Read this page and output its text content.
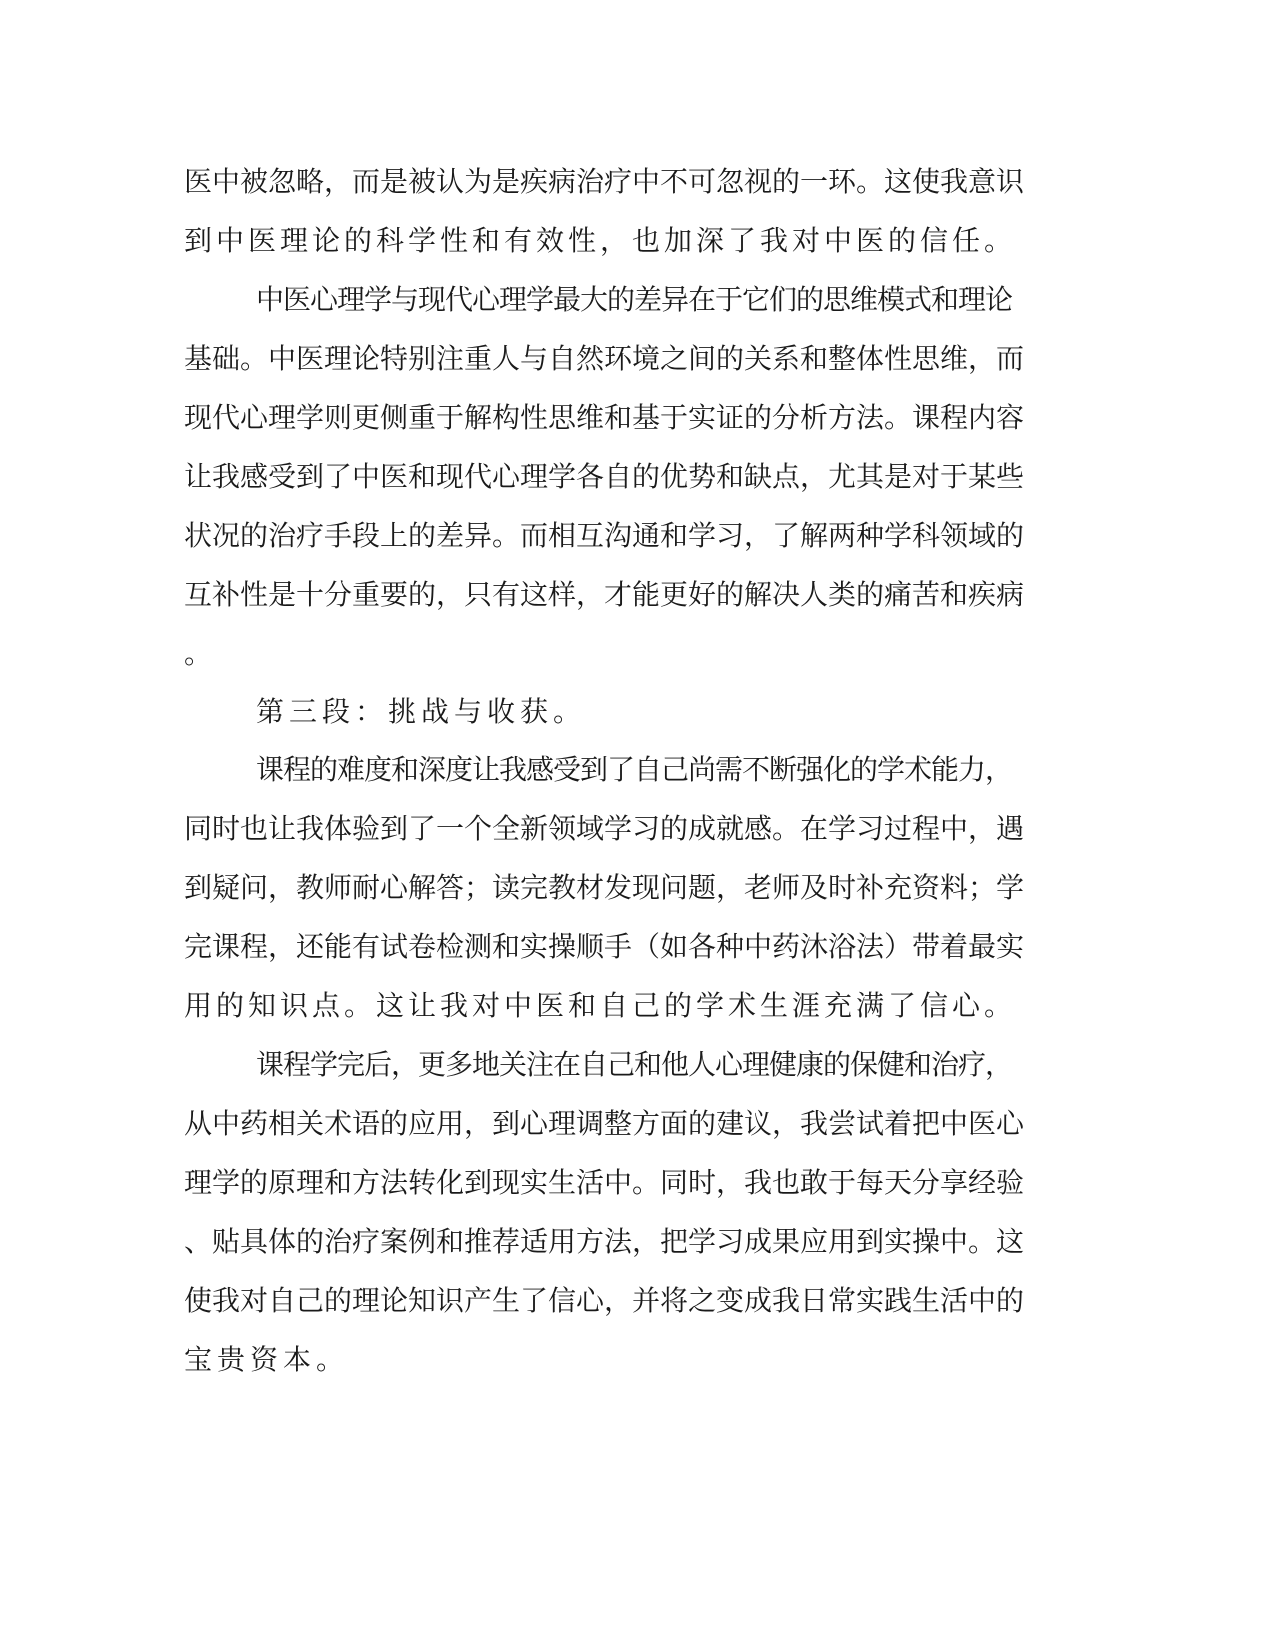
医中被忽略，而是被认为是疾病治疗中不可忽视的一环。这使我意识
到中医理论的科学性和有效性，也加深了我对中医的信任。
中医心理学与现代心理学最大的差异在于它们的思维模式和理论
基础。中医理论特别注重人与自然环境之间的关系和整体性思维，而
现代心理学则更侧重于解构性思维和基于实证的分析方法。课程内容
让我感受到了中医和现代心理学各自的优势和缺点，尤其是对于某些
状况的治疗手段上的差异。而相互沟通和学习，了解两种学科领域的
互补性是十分重要的，只有这样，才能更好的解决人类的痛苦和疾病
。
第三段：挑战与收获。
课程的难度和深度让我感受到了自己尚需不断强化的学术能力，
同时也让我体验到了一个全新领域学习的成就感。在学习过程中，遇
到疑问，教师耐心解答；读完教材发现问题，老师及时补充资料；学
完课程，还能有试卷检测和实操顺手（如各种中药沐浴法）带着最实
用的知识点。这让我对中医和自己的学术生涯充满了信心。
课程学完后，更多地关注在自己和他人心理健康的保健和治疗，
从中药相关术语的应用，到心理调整方面的建议，我尝试着把中医心
理学的原理和方法转化到现实生活中。同时，我也敢于每天分享经验
、贴具体的治疗案例和推荐适用方法，把学习成果应用到实操中。这
使我对自己的理论知识产生了信心，并将之变成我日常实践生活中的
宝贵资本。
